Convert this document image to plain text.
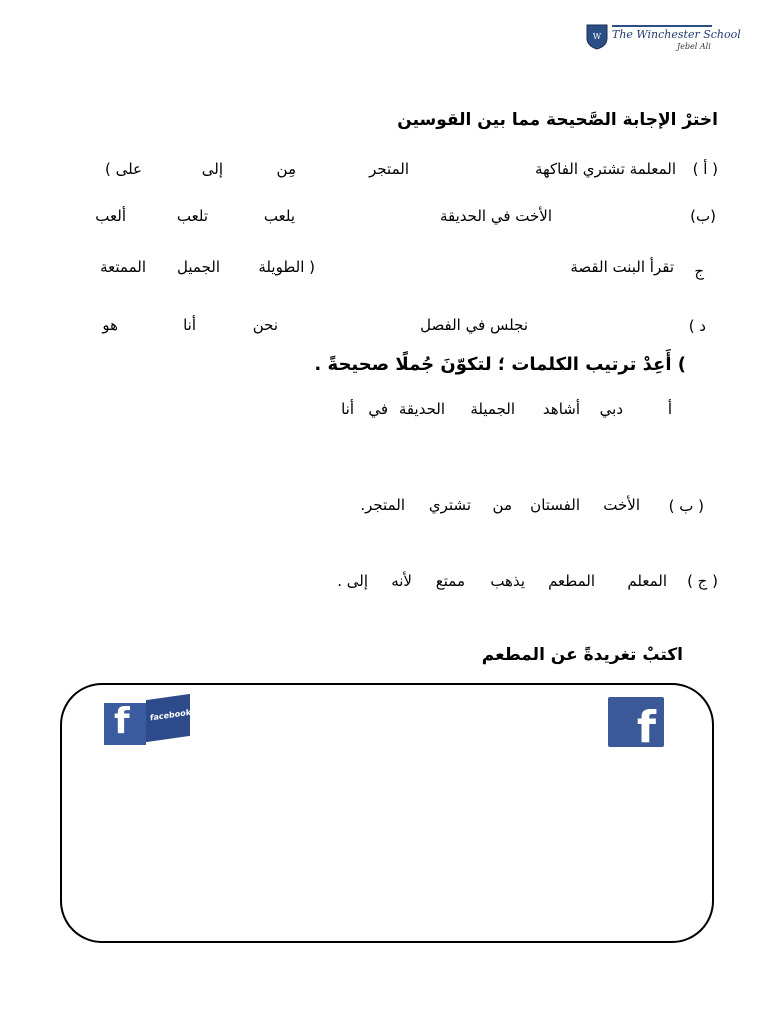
W The Winchester School
Jebel Ali
اخترْ الإجابة الصَّحيحة مما بين القوسين
( أ )
المعلمة تشتري الفاكهة
المتجر
مِن
إلى
على )
(ب)
الأخت في الحديقة
يلعب
تلعب
ألعب
ج
تقرأ البنت القصة
( الطويلة
الجميل
الممتعة
د )
نجلس في الفصل
نحن
أنا
هو
) أَعِدْ ترتيب الكلمات ؛ لتكوّنَ جُملًا صحيحةً .
أ
دبي
أشاهد
الجميلة
الحديقة
في
أنا
( ب )
الأخت
الفستان
من
تشتري
المتجر.
( ج )
المعلم
المطعم
يذهب
ممتع
لأنه
إلى .
اكتبْ تغريدةً عن المطعم
f
facebook
f
